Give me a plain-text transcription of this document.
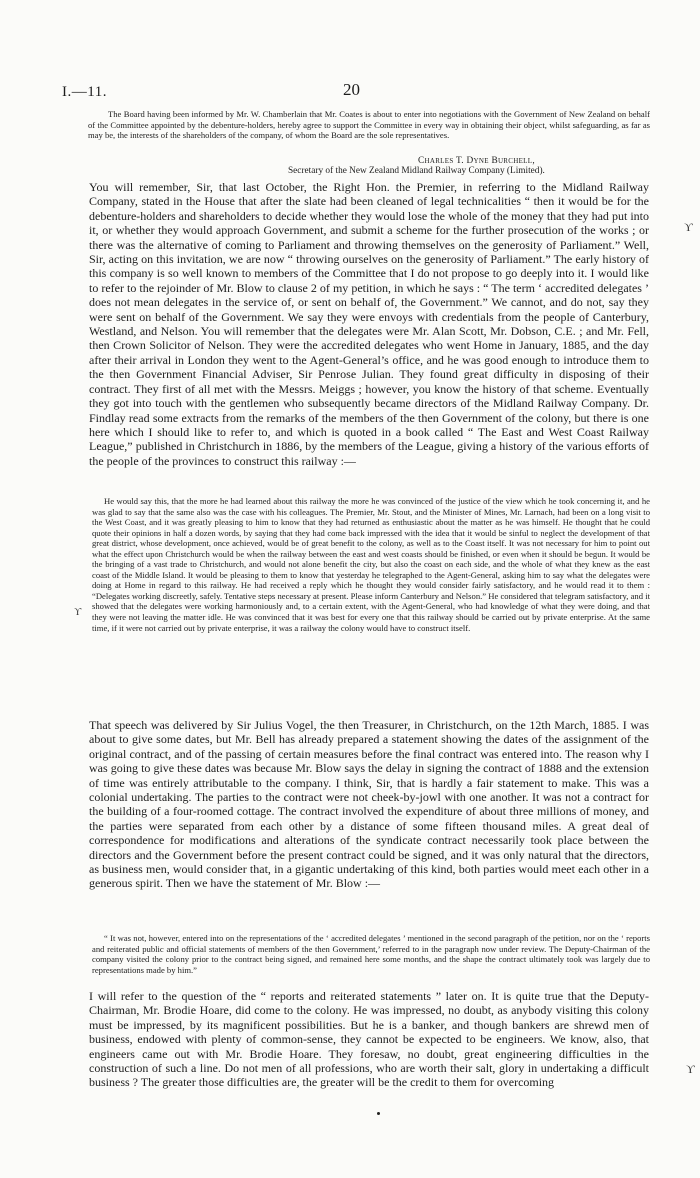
I.—11.	20
The Board having been informed by Mr. W. Chamberlain that Mr. Coates is about to enter into negotiations with the Government of New Zealand on behalf of the Committee appointed by the debenture-holders, hereby agree to support the Committee in every way in obtaining their object, whilst safeguarding, as far as may be, the interests of the shareholders of the company, of whom the Board are the sole representatives.
Charles T. Dyne Burchell,
Secretary of the New Zealand Midland Railway Company (Limited).
You will remember, Sir, that last October, the Right Hon. the Premier, in referring to the Midland Railway Company, stated in the House that after the slate had been cleaned of legal technicalities “ then it would be for the debenture-holders and shareholders to decide whether they would lose the whole of the money that they had put into it, or whether they would approach Government, and submit a scheme for the further prosecution of the works ; or there was the alternative of coming to Parliament and throwing themselves on the generosity of Parliament.” Well, Sir, acting on this invitation, we are now “ throwing ourselves on the generosity of Parliament.” The early history of this company is so well known to members of the Committee that I do not propose to go deeply into it. I would like to refer to the rejoinder of Mr. Blow to clause 2 of my petition, in which he says : “ The term ‘ accredited delegates ’ does not mean delegates in the service of, or sent on behalf of, the Government.” We cannot, and do not, say they were sent on behalf of the Government. We say they were envoys with credentials from the people of Canterbury, Westland, and Nelson. You will remember that the delegates were Mr. Alan Scott, Mr. Dobson, C.E. ; and Mr. Fell, then Crown Solicitor of Nelson. They were the accredited delegates who went Home in January, 1885, and the day after their arrival in London they went to the Agent-General’s office, and he was good enough to introduce them to the then Government Financial Adviser, Sir Penrose Julian. They found great difficulty in disposing of their contract. They first of all met with the Messrs. Meiggs ; however, you know the history of that scheme. Eventually they got into touch with the gentlemen who subsequently became directors of the Midland Railway Company. Dr. Findlay read some extracts from the remarks of the members of the then Government of the colony, but there is one here which I should like to refer to, and which is quoted in a book called “ The East and West Coast Railway League,” published in Christchurch in 1886, by the members of the League, giving a history of the various efforts of the people of the provinces to construct this railway :—
He would say this, that the more he had learned about this railway the more he was convinced of the justice of the view which he took concerning it, and he was glad to say that the same also was the case with his colleagues. The Premier, Mr. Stout, and the Minister of Mines, Mr. Larnach, had been on a long visit to the West Coast, and it was greatly pleasing to him to know that they had returned as enthusiastic about the matter as he was himself. He thought that he could quote their opinions in half a dozen words, by saying that they had come back impressed with the idea that it would be sinful to neglect the development of that great district, whose development, once achieved, would be of great benefit to the colony, as well as to the Coast itself. It was not necessary for him to point out what the effect upon Christchurch would be when the railway between the east and west coasts should be finished, or even when it should be begun. It would be the bringing of a vast trade to Christchurch, and would not alone benefit the city, but also the coast on each side, and the whole of what they knew as the east coast of the Middle Island. It would be pleasing to them to know that yesterday he telegraphed to the Agent-General, asking him to say what the delegates were doing at Home in regard to this railway. He had received a reply which he thought they would consider fairly satisfactory, and he would read it to them : “Delegates working discreetly, safely. Tentative steps necessary at present. Please inform Canterbury and Nelson.” He considered that telegram satisfactory, and it showed that the delegates were working harmoniously and, to a certain extent, with the Agent-General, who had knowledge of what they were doing, and that they were not leaving the matter idle. He was convinced that it was best for every one that this railway should be carried out by private enterprise. At the same time, if it were not carried out by private enterprise, it was a railway the colony would have to construct itself.
That speech was delivered by Sir Julius Vogel, the then Treasurer, in Christchurch, on the 12th March, 1885. I was about to give some dates, but Mr. Bell has already prepared a statement showing the dates of the assignment of the original contract, and of the passing of certain measures before the final contract was entered into. The reason why I was going to give these dates was because Mr. Blow says the delay in signing the contract of 1888 and the extension of time was entirely attributable to the company. I think, Sir, that is hardly a fair statement to make. This was a colonial undertaking. The parties to the contract were not cheek-by-jowl with one another. It was not a contract for the building of a four-roomed cottage. The contract involved the expenditure of about three millions of money, and the parties were separated from each other by a distance of some fifteen thousand miles. A great deal of correspondence for modifications and alterations of the syndicate contract necessarily took place between the directors and the Government before the present contract could be signed, and it was only natural that the directors, as business men, would consider that, in a gigantic undertaking of this kind, both parties would meet each other in a generous spirit. Then we have the statement of Mr. Blow :—
“ It was not, however, entered into on the representations of the ‘ accredited delegates ’ mentioned in the second paragraph of the petition, nor on the ‘ reports and reiterated public and official statements of members of the then Government,’ referred to in the paragraph now under review. The Deputy-Chairman of the company visited the colony prior to the contract being signed, and remained here some months, and the shape the contract ultimately took was largely due to representations made by him.”
I will refer to the question of the “ reports and reiterated statements ” later on. It is quite true that the Deputy-Chairman, Mr. Brodie Hoare, did come to the colony. He was impressed, no doubt, as anybody visiting this colony must be impressed, by its magnificent possibilities. But he is a banker, and though bankers are shrewd men of business, endowed with plenty of common-sense, they cannot be expected to be engineers. We know, also, that engineers came out with Mr. Brodie Hoare. They foresaw, no doubt, great engineering difficulties in the construction of such a line. Do not men of all professions, who are worth their salt, glory in undertaking a difficult business ? The greater those difficulties are, the greater will be the credit to them for overcoming
ϒ
ϒ
ϒ
